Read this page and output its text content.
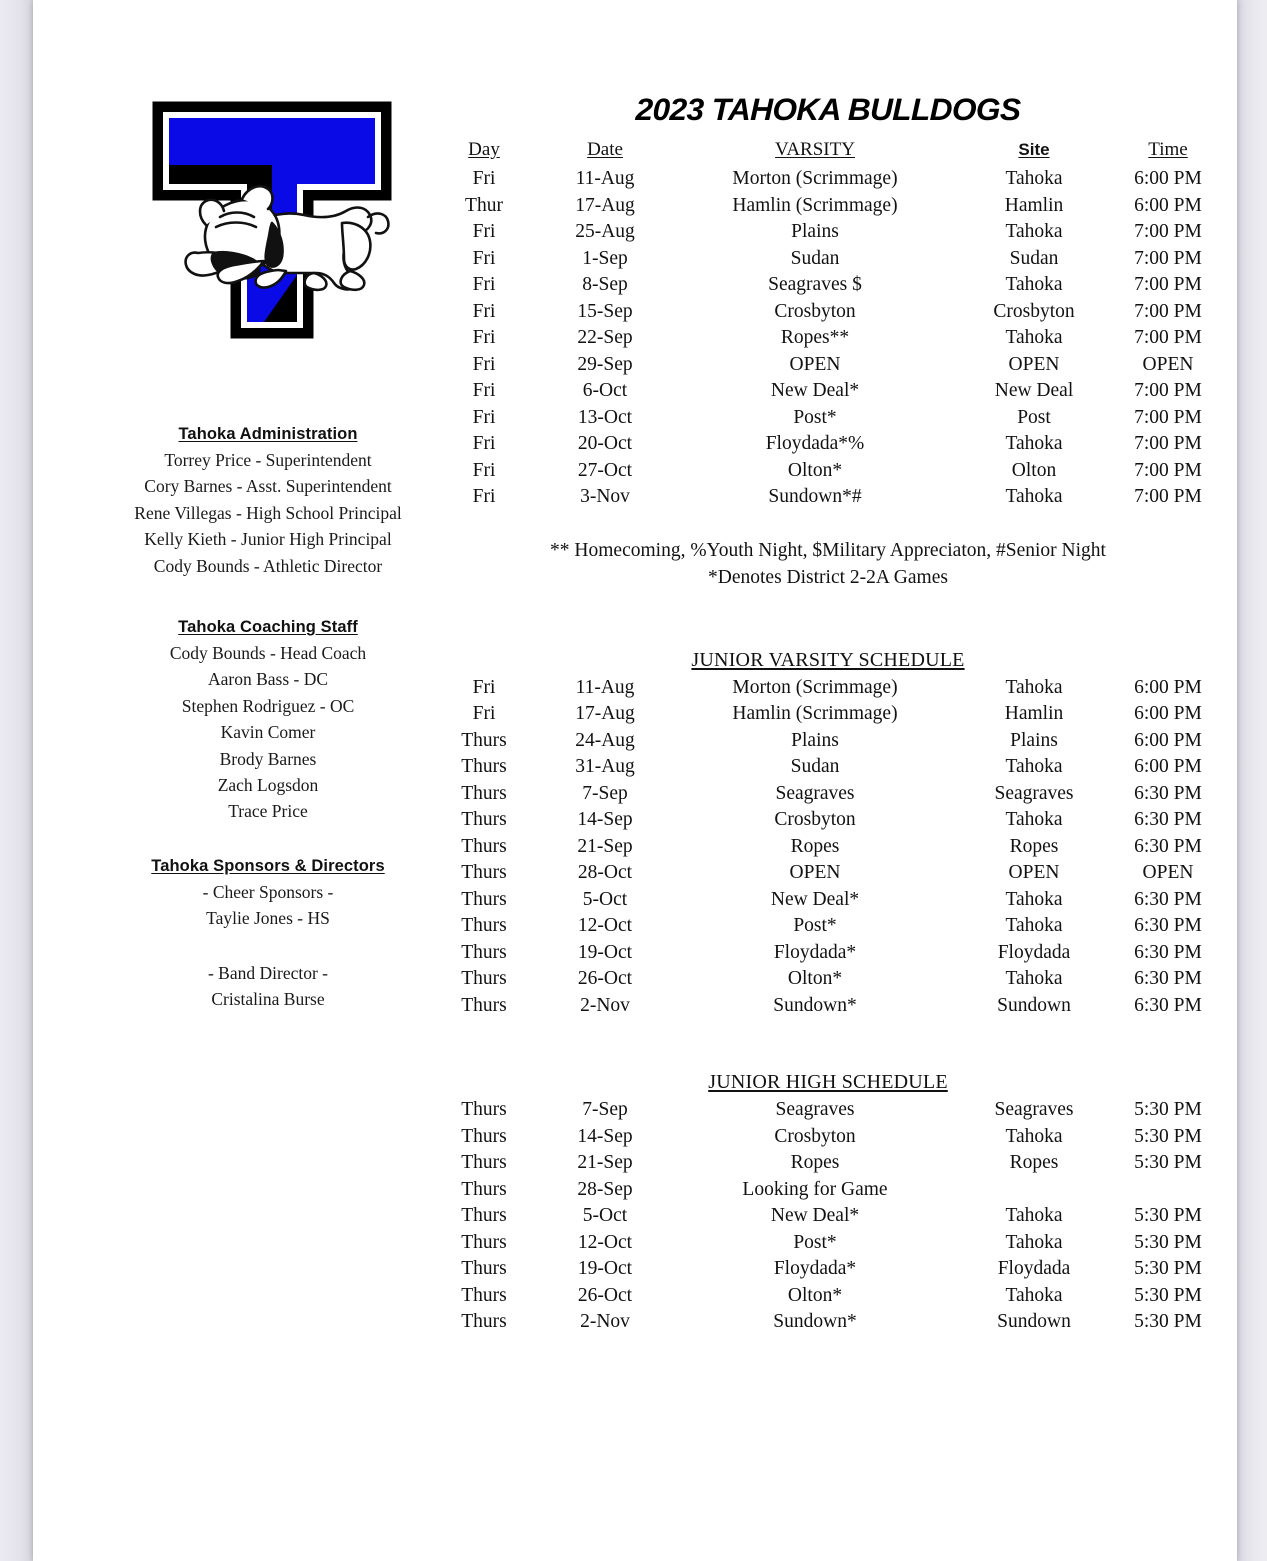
Tahoka Administration
Torrey Price - Superintendent
Cory Barnes - Asst. Superintendent
Rene Villegas - High School Principal
Kelly Kieth - Junior High Principal
Cody Bounds - Athletic Director
Tahoka Coaching Staff
Cody Bounds - Head Coach
Aaron Bass - DC
Stephen Rodriguez - OC
Kavin Comer
Brody Barnes
Zach Logsdon
Trace Price
Tahoka Sponsors & Directors
- Cheer Sponsors -
Taylie Jones - HS
- Band Director -
Cristalina Burse
2023 TAHOKA BULLDOGS
Day	Date	VARSITY	Site	Time
Fri	11-Aug	Morton (Scrimmage)	Tahoka	6:00 PM
Thur	17-Aug	Hamlin (Scrimmage)	Hamlin	6:00 PM
Fri	25-Aug	Plains	Tahoka	7:00 PM
Fri	1-Sep	Sudan	Sudan	7:00 PM
Fri	8-Sep	Seagraves $	Tahoka	7:00 PM
Fri	15-Sep	Crosbyton	Crosbyton	7:00 PM
Fri	22-Sep	Ropes**	Tahoka	7:00 PM
Fri	29-Sep	OPEN	OPEN	OPEN
Fri	6-Oct	New Deal*	New Deal	7:00 PM
Fri	13-Oct	Post*	Post	7:00 PM
Fri	20-Oct	Floydada*%	Tahoka	7:00 PM
Fri	27-Oct	Olton*	Olton	7:00 PM
Fri	3-Nov	Sundown*#	Tahoka	7:00 PM
** Homecoming, %Youth Night, $Military Appreciaton, #Senior Night
*Denotes District 2-2A Games
JUNIOR VARSITY SCHEDULE
Fri	11-Aug	Morton (Scrimmage)	Tahoka	6:00 PM
Fri	17-Aug	Hamlin (Scrimmage)	Hamlin	6:00 PM
Thurs	24-Aug	Plains	Plains	6:00 PM
Thurs	31-Aug	Sudan	Tahoka	6:00 PM
Thurs	7-Sep	Seagraves	Seagraves	6:30 PM
Thurs	14-Sep	Crosbyton	Tahoka	6:30 PM
Thurs	21-Sep	Ropes	Ropes	6:30 PM
Thurs	28-Oct	OPEN	OPEN	OPEN
Thurs	5-Oct	New Deal*	Tahoka	6:30 PM
Thurs	12-Oct	Post*	Tahoka	6:30 PM
Thurs	19-Oct	Floydada*	Floydada	6:30 PM
Thurs	26-Oct	Olton*	Tahoka	6:30 PM
Thurs	2-Nov	Sundown*	Sundown	6:30 PM
JUNIOR HIGH SCHEDULE
Thurs	7-Sep	Seagraves	Seagraves	5:30 PM
Thurs	14-Sep	Crosbyton	Tahoka	5:30 PM
Thurs	21-Sep	Ropes	Ropes	5:30 PM
Thurs	28-Sep	Looking for Game		
Thurs	5-Oct	New Deal*	Tahoka	5:30 PM
Thurs	12-Oct	Post*	Tahoka	5:30 PM
Thurs	19-Oct	Floydada*	Floydada	5:30 PM
Thurs	26-Oct	Olton*	Tahoka	5:30 PM
Thurs	2-Nov	Sundown*	Sundown	5:30 PM
